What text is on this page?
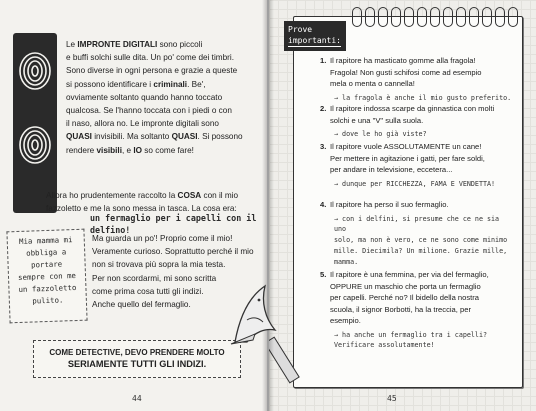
Le IMPRONTE DIGITALI sono piccoli
e buffi solchi sulle dita. Un po' come dei timbri.
Sono diverse in ogni persona e grazie a queste
si possono identificare i criminali. Be',
ovviamente soltanto quando hanno toccato
qualcosa. Se l'hanno toccata con i piedi o con
il naso, allora no. Le impronte digitali sono
QUASI invisibili. Ma soltanto QUASI. Si possono
rendere visibili, e IO so come fare!
Allora ho prudentemente raccolto la COSA con il mio
fazzoletto e me la sono messa in tasca. La cosa era:
un fermaglio per i capelli con il delfino!
Ma guarda un po'! Proprio come il mio!
Veramente curioso. Soprattutto perché il mio
non si trovava più sopra la mia testa.
Per non scordarmi, mi sono scritta
come prima cosa tutti gli indizi.
Anche quello del fermaglio.
Mia mamma mi
obbliga a portare
sempre con me
un fazzoletto
pulito.
COME DETECTIVE, DEVO PRENDERE MOLTO
SERIAMENTE TUTTI GLI INDIZI.
44
Prove
importanti:
1. Il rapitore ha masticato gomme alla fragola!
Fragola! Non gusti schifosi come ad esempio
mela o menta o cannella!
→ la fragola è anche il mio gusto preferito.
2. Il rapitore indossa scarpe da ginnastica con molti
solchi e una "V" sulla suola.
→ dove le ho già viste?
3. Il rapitore vuole ASSOLUTAMENTE un cane!
Per mettere in agitazione i gatti, per fare soldi,
per andare in televisione, eccetera...
→ dunque per RICCHEZZA, FAMA E VENDETTA!
4. Il rapitore ha perso il suo fermaglio.
→ con i delfini, si presume che ce ne sia uno
solo, ma non è vero, ce ne sono come minimo
mille. Diecimila? Un milione. Grazie mille,
mamma.
5. Il rapitore è una femmina, per via del fermaglio,
OPPURE un maschio che porta un fermaglio
per capelli. Perché no? Il bidello della nostra
scuola, il signor Borbotti, ha la treccia, per
esempio.
→ ha anche un fermaglio tra i capelli?
Verificare assolutamente!
45
